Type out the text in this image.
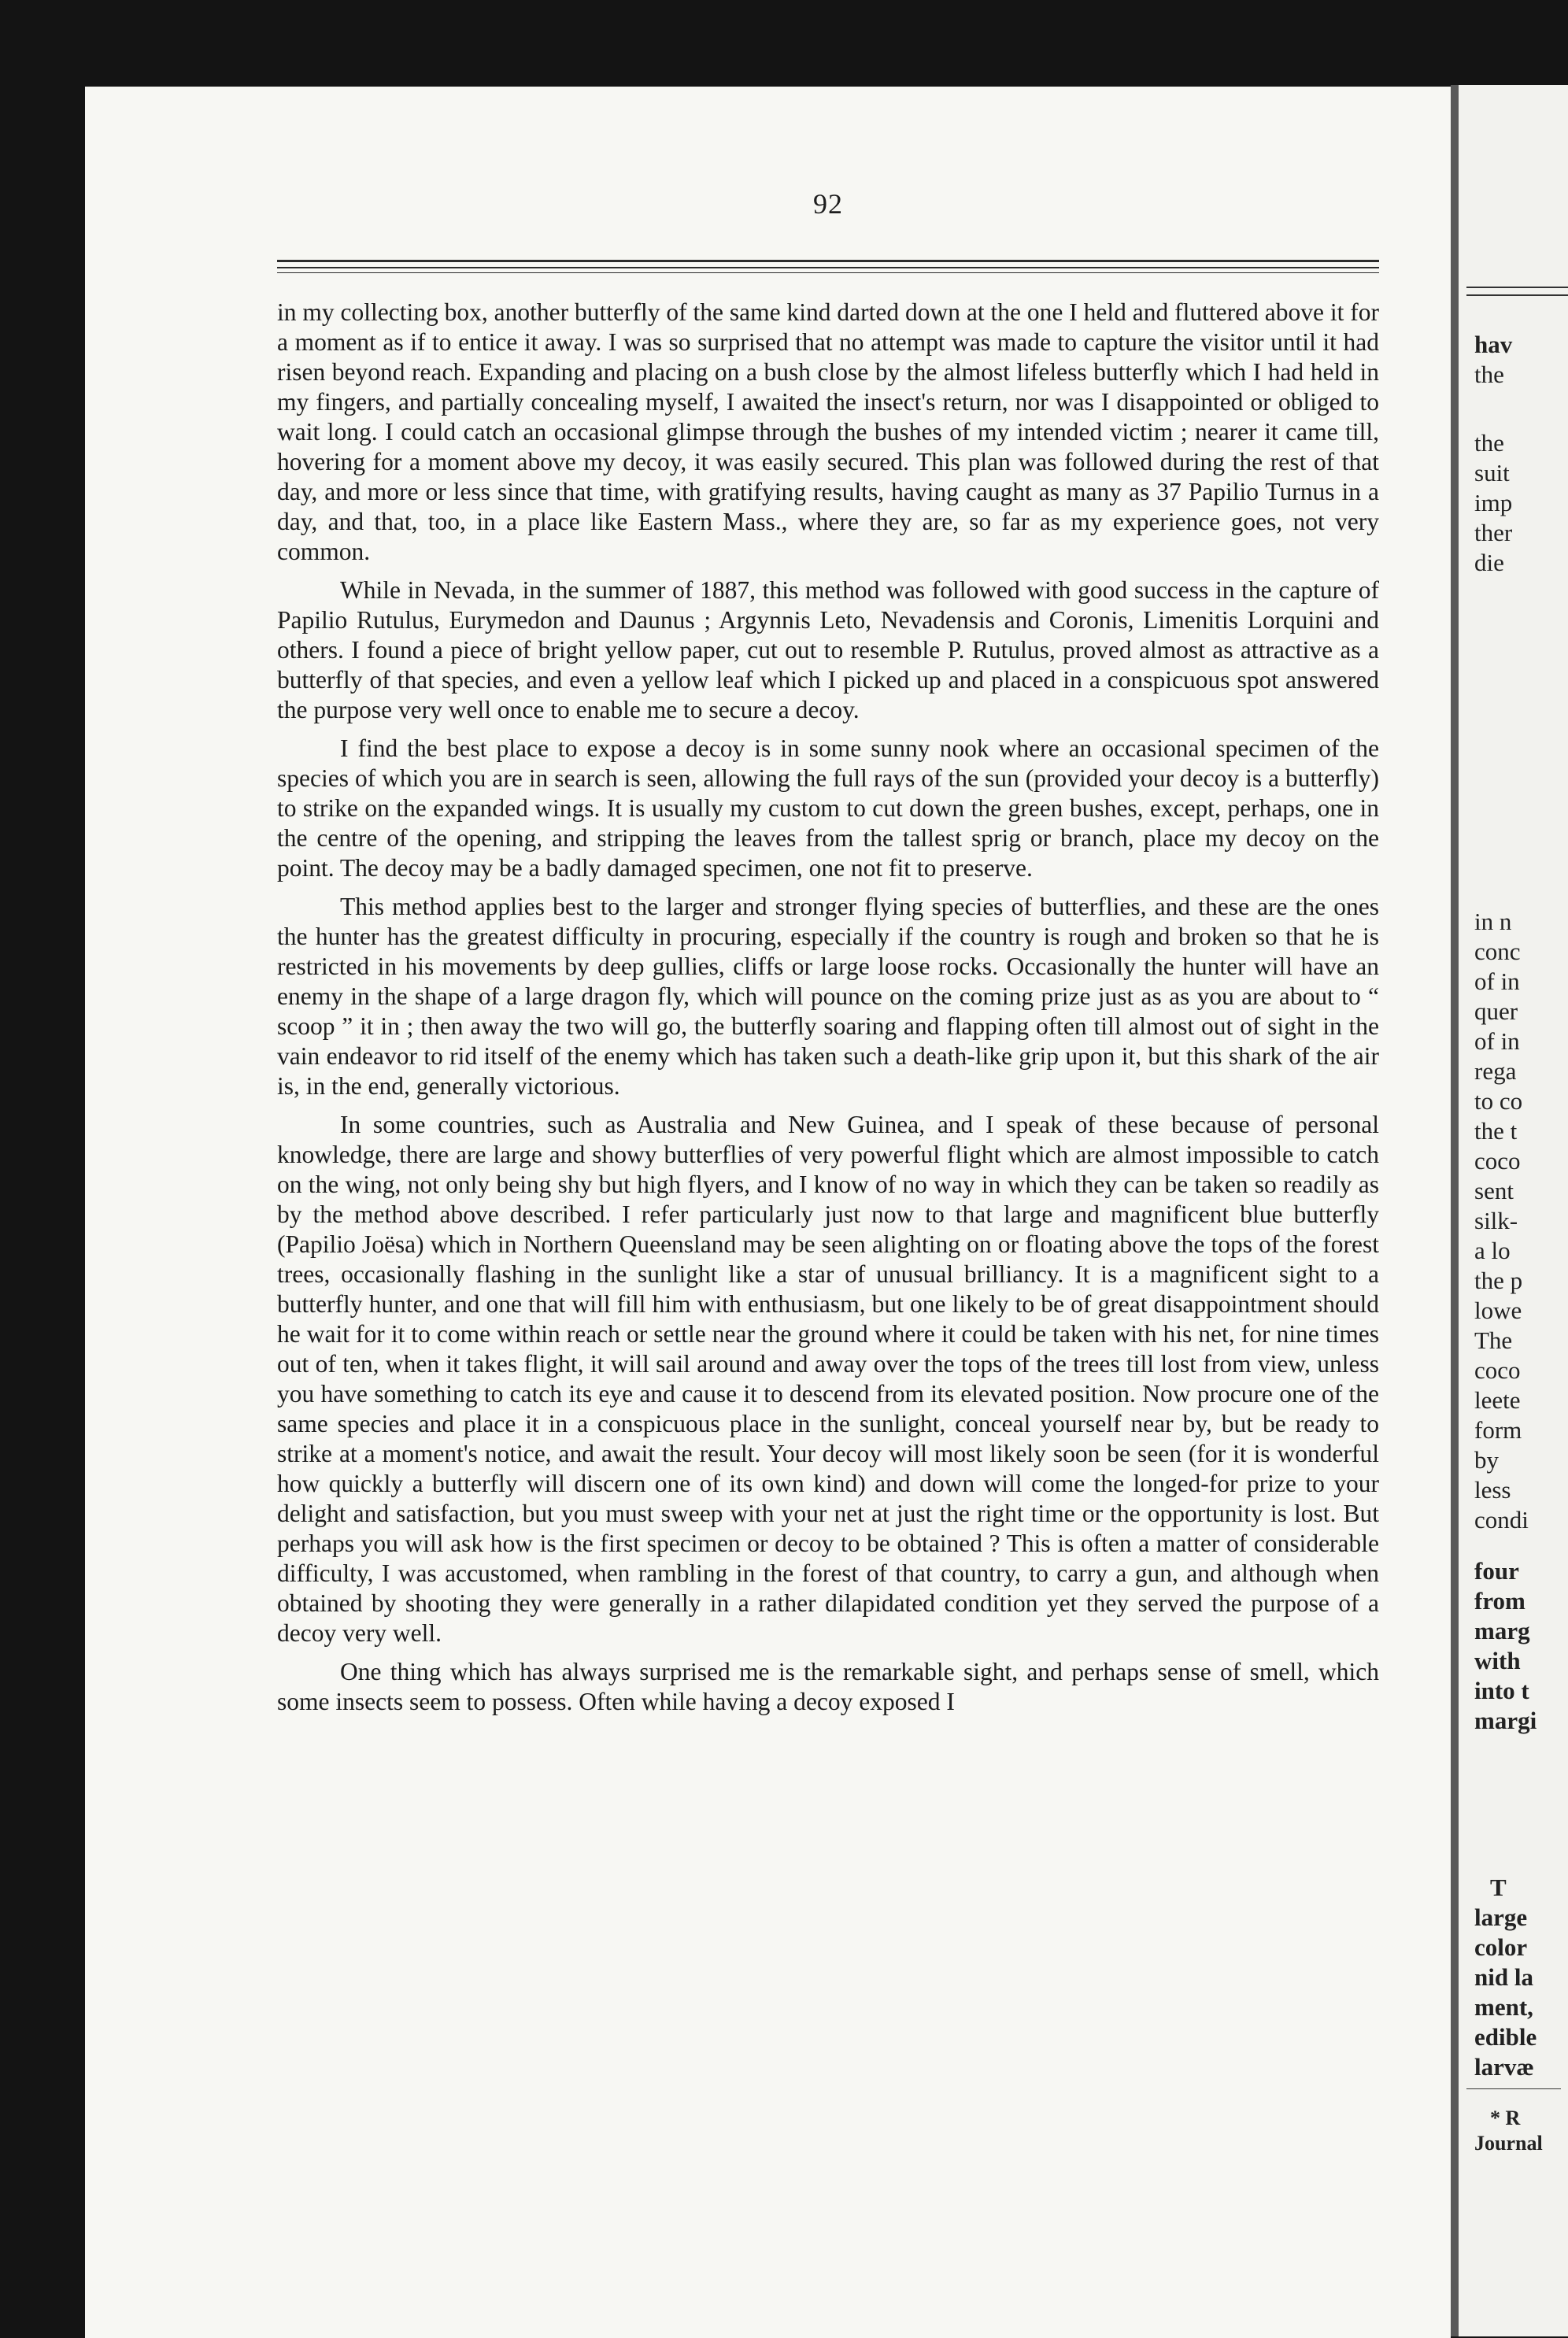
92

in my collecting box, another butterfly of the same kind darted down at the one I held and fluttered above it for a moment as if to entice it away. I was so surprised that no attempt was made to capture the visitor until it had risen beyond reach. Expanding and placing on a bush close by the almost lifeless butterfly which I had held in my fingers, and partially concealing myself, I awaited the insect's return, nor was I disappointed or obliged to wait long. I could catch an occasional glimpse through the bushes of my intended victim ; nearer it came till, hovering for a moment above my decoy, it was easily secured. This plan was followed during the rest of that day, and more or less since that time, with gratifying results, having caught as many as 37 Papilio Turnus in a day, and that, too, in a place like Eastern Mass., where they are, so far as my experience goes, not very common.

While in Nevada, in the summer of 1887, this method was followed with good success in the capture of Papilio Rutulus, Eurymedon and Daunus ; Argynnis Leto, Nevadensis and Coronis, Limenitis Lorquini and others. I found a piece of bright yellow paper, cut out to resemble P. Rutulus, proved almost as attractive as a butterfly of that species, and even a yellow leaf which I picked up and placed in a conspicuous spot answered the purpose very well once to enable me to secure a decoy.

I find the best place to expose a decoy is in some sunny nook where an occasional specimen of the species of which you are in search is seen, allowing the full rays of the sun (provided your decoy is a butterfly) to strike on the expanded wings. It is usually my custom to cut down the green bushes, except, perhaps, one in the centre of the opening, and stripping the leaves from the tallest sprig or branch, place my decoy on the point. The decoy may be a badly damaged specimen, one not fit to preserve.

This method applies best to the larger and stronger flying species of butterflies, and these are the ones the hunter has the greatest difficulty in procuring, especially if the country is rough and broken so that he is restricted in his movements by deep gullies, cliffs or large loose rocks. Occasionally the hunter will have an enemy in the shape of a large dragon fly, which will pounce on the coming prize just as as you are about to “ scoop ” it in ; then away the two will go, the butterfly soaring and flapping often till almost out of sight in the vain endeavor to rid itself of the enemy which has taken such a death-like grip upon it, but this shark of the air is, in the end, generally victorious.

In some countries, such as Australia and New Guinea, and I speak of these because of personal knowledge, there are large and showy butterflies of very powerful flight which are almost impossible to catch on the wing, not only being shy but high flyers, and I know of no way in which they can be taken so readily as by the method above described. I refer particularly just now to that large and magnificent blue butterfly (Papilio Joësa) which in Northern Queensland may be seen alighting on or floating above the tops of the forest trees, occasionally flashing in the sunlight like a star of unusual brilliancy. It is a magnificent sight to a butterfly hunter, and one that will fill him with enthusiasm, but one likely to be of great disappointment should he wait for it to come within reach or settle near the ground where it could be taken with his net, for nine times out of ten, when it takes flight, it will sail around and away over the tops of the trees till lost from view, unless you have something to catch its eye and cause it to descend from its elevated position. Now procure one of the same species and place it in a conspicuous place in the sunlight, conceal yourself near by, but be ready to strike at a moment's notice, and await the result. Your decoy will most likely soon be seen (for it is wonderful how quickly a butterfly will discern one of its own kind) and down will come the longed-for prize to your delight and satisfaction, but you must sweep with your net at just the right time or the opportunity is lost. But perhaps you will ask how is the first specimen or decoy to be obtained ? This is often a matter of considerable difficulty, I was accustomed, when rambling in the forest of that country, to carry a gun, and although when obtained by shooting they were generally in a rather dilapidated condition yet they served the purpose of a decoy very well.

One thing which has always surprised me is the remarkable sight, and perhaps sense of smell, which some insects seem to possess. Often while having a decoy exposed I

hav
the
the
suit
imp
ther
die
in n
conc
of in
quer
of in
rega
to co
the t
coco
sent
silk-
a lo
the p
lowe
The
coco
leete
form
by
less
condi
four
from
marg
with
into t
margi
T
large
color
nid la
ment,
edible
larvæ
* R
Journal
